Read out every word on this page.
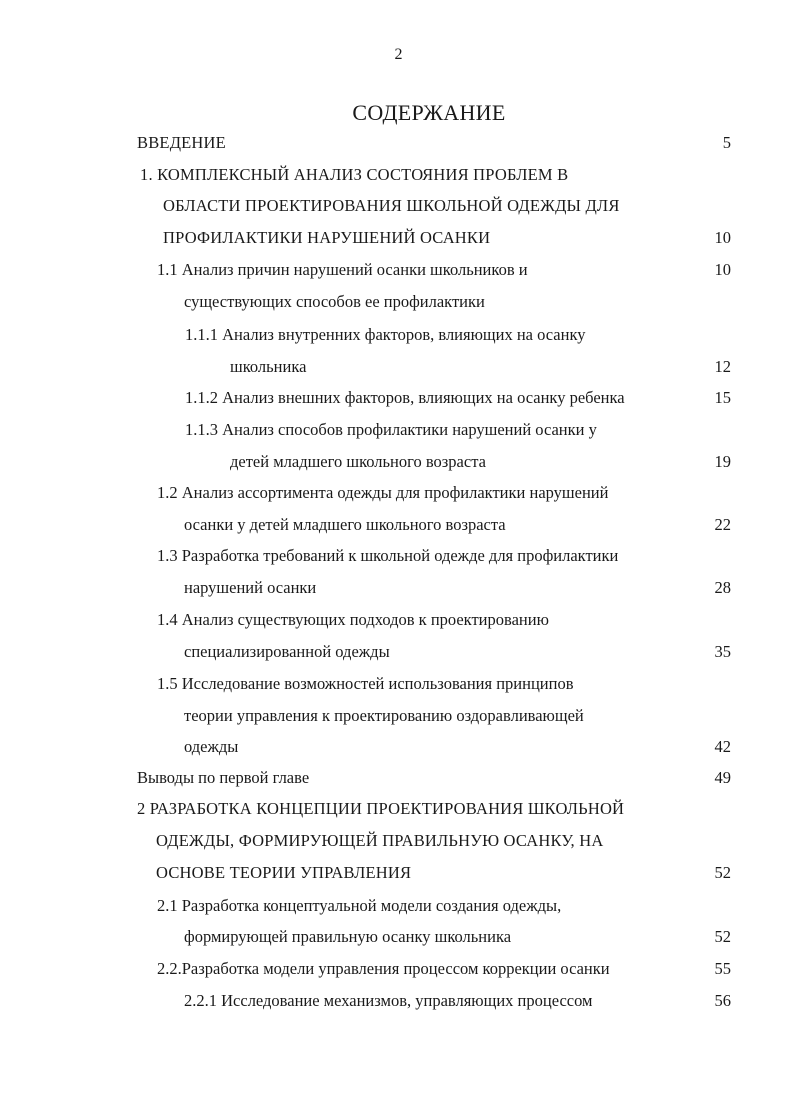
2
СОДЕРЖАНИЕ
ВВЕДЕНИЕ	5
1. КОМПЛЕКСНЫЙ АНАЛИЗ СОСТОЯНИЯ ПРОБЛЕМ В
ОБЛАСТИ ПРОЕКТИРОВАНИЯ ШКОЛЬНОЙ ОДЕЖДЫ ДЛЯ
ПРОФИЛАКТИКИ НАРУШЕНИЙ ОСАНКИ	10
1.1 Анализ причин нарушений осанки школьников и	10
существующих способов ее профилактики
1.1.1 Анализ внутренних факторов, влияющих на осанку
школьника	12
1.1.2 Анализ внешних факторов, влияющих на осанку ребенка	15
1.1.3 Анализ способов профилактики нарушений осанки у
детей младшего школьного возраста	19
1.2 Анализ ассортимента одежды для профилактики нарушений
осанки у детей младшего школьного возраста	22
1.3 Разработка требований к школьной одежде для профилактики
нарушений осанки	28
1.4 Анализ существующих подходов к проектированию
специализированной одежды	35
1.5 Исследование возможностей использования принципов
теории управления к проектированию оздоравливающей
одежды	42
Выводы по первой главе	49
2 РАЗРАБОТКА КОНЦЕПЦИИ ПРОЕКТИРОВАНИЯ ШКОЛЬНОЙ
ОДЕЖДЫ, ФОРМИРУЮЩЕЙ ПРАВИЛЬНУЮ ОСАНКУ, НА
ОСНОВЕ ТЕОРИИ УПРАВЛЕНИЯ	52
2.1 Разработка концептуальной модели создания одежды,
формирующей правильную осанку школьника	52
2.2.Разработка модели управления процессом коррекции осанки	55
2.2.1 Исследование механизмов, управляющих процессом	56
